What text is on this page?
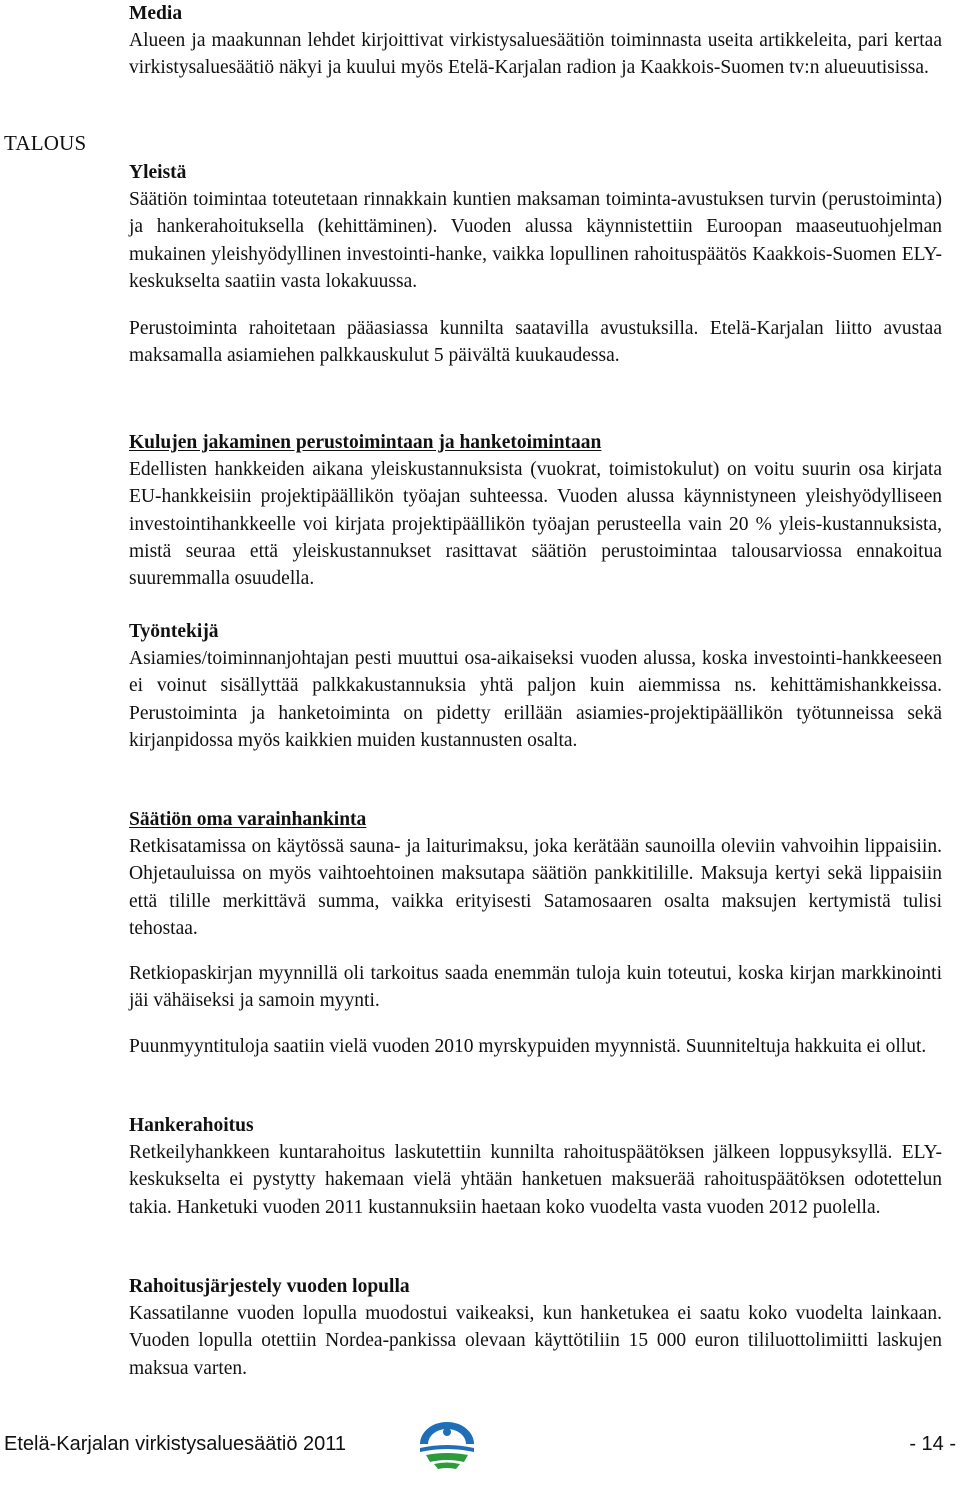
TALOUS
Media

Alueen ja maakunnan lehdet kirjoittivat virkistysaluesäätiön toiminnasta useita artikkeleita, pari kertaa virkistysaluesäätiö näkyi ja kuului myös Etelä-Karjalan radion ja Kaakkois-Suomen tv:n alueuutisissa.

Yleistä

Säätiön toimintaa toteutetaan rinnakkain kuntien maksaman toiminta-avustuksen turvin (perustoiminta) ja hankerahoituksella (kehittäminen). Vuoden alussa käynnistettiin Euroopan maaseutuohjelman mukainen yleishyödyllinen investointi-hanke, vaikka lopullinen rahoituspäätös Kaakkois-Suomen ELY-keskukselta saatiin vasta lokakuussa.

Perustoiminta rahoitetaan pääasiassa kunnilta saatavilla avustuksilla. Etelä-Karjalan liitto avustaa maksamalla asiamiehen palkkauskulut 5 päivältä kuukaudessa.

Kulujen jakaminen perustoimintaan ja hanketoimintaan

Edellisten hankkeiden aikana yleiskustannuksista (vuokrat, toimistokulut) on voitu suurin osa kirjata EU-hankkeisiin projektipäällikön työajan suhteessa. Vuoden alussa käynnistyneen yleishyödylliseen investointihankkeelle voi kirjata projektipäällikön työajan perusteella vain 20 % yleis-kustannuksista, mistä seuraa että yleiskustannukset rasittavat säätiön perustoimintaa talousarviossa ennakoitua suuremmalla osuudella.

Työntekijä

Asiamies/toiminnanjohtajan pesti muuttui osa-aikaiseksi vuoden alussa, koska investointi-hankkeeseen ei voinut sisällyttää palkkakustannuksia yhtä paljon kuin aiemmissa ns. kehittämishankkeissa. Perustoiminta ja hanketoiminta on pidetty erillään asiamies-projektipäällikön työtunneissa sekä kirjanpidossa myös kaikkien muiden kustannusten osalta.

Säätiön oma varainhankinta

Retkisatamissa on käytössä sauna- ja laiturimaksu, joka kerätään saunoilla oleviin vahvoihin lippaisiin. Ohjetauluissa on myös vaihtoehtoinen maksutapa säätiön pankkitilille. Maksuja kertyi sekä lippaisiin että tilille merkittävä summa, vaikka erityisesti Satamosaaren osalta maksujen kertymistä tulisi tehostaa.

Retkiopaskirjan myynnillä oli tarkoitus saada enemmän tuloja kuin toteutui, koska kirjan markkinointi jäi vähäiseksi ja samoin myynti.

Puunmyyntituloja saatiin vielä vuoden 2010 myrskypuiden myynnistä. Suunniteltuja hakkuita ei ollut.

Hankerahoitus

Retkeilyhankkeen kuntarahoitus laskutettiin kunnilta rahoituspäätöksen jälkeen loppusyksyllä. ELY-keskukselta ei pystytty hakemaan vielä yhtään hanketuen maksuerää rahoituspäätöksen odotettelun takia. Hanketuki vuoden 2011 kustannuksiin haetaan koko vuodelta vasta vuoden 2012 puolella.

Rahoitusjärjestely vuoden lopulla

Kassatilanne vuoden lopulla muodostui vaikeaksi, kun hanketukea ei saatu koko vuodelta lainkaan. Vuoden lopulla otettiin Nordea-pankissa olevaan käyttötiliin 15 000 euron tililuottolimiitti laskujen maksua varten.

Etelä-Karjalan virkistysaluesäätiö 2011	- 14 -
